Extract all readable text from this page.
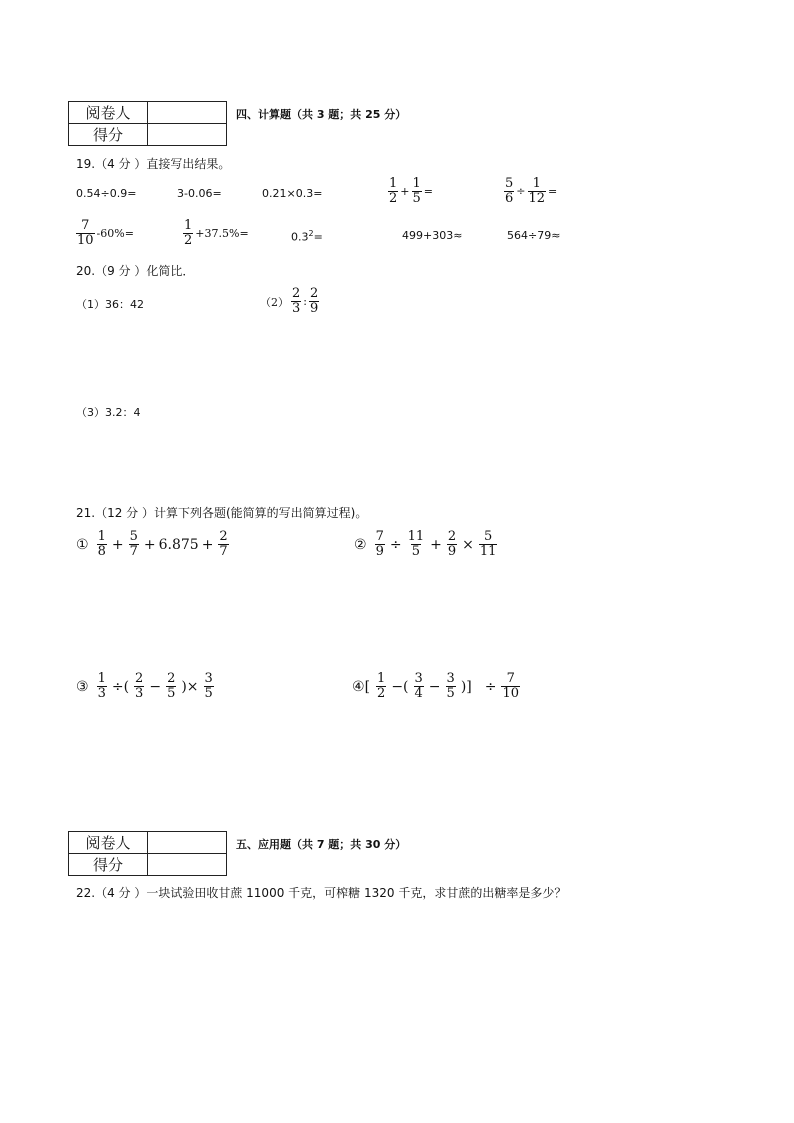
阅卷人	
得分	
四、计算题（共 3 题；共 25 分）
19.（4 分 ）直接写出结果。
0.54÷0.9=	3-0.06=	0.21×0.3=	$\frac{1}{2} + \frac{1}{5}$ =	$\frac{5}{6} \div \frac{1}{12}$ =
$\frac{7}{10} -60\%=$	$\frac{1}{2} +37.5\%=$	$0.3^2=$	499+303≈	564÷79≈
20.（9 分 ）化简比．
（1）36：42	$(2) \frac{2}{3}$ : $\frac{2}{9}$
（3）3.2：4
21.（12 分 ）计算下列各题(能简算的写出简算过程)。
① $\frac{1}{8} + \frac{5}{7} + 6.875 + \frac{2}{7}$	② $\frac{7}{9} \div \frac{11}{5} + \frac{2}{9} \times \frac{5}{11}$
③ $\frac{1}{3}$ ÷( $\frac{2}{3} - \frac{2}{5}$ )× $\frac{3}{5}$	④ [ $\frac{1}{2}$ −( $\frac{3}{4} - \frac{3}{5}$ )] ÷ $\frac{7}{10}$
阅卷人	
得分	
五、应用题（共 7 题；共 30 分）
22.（4 分 ）一块试验田收甘蔗 11000 千克，可榨糖 1320 千克，求甘蔗的出糖率是多少？
